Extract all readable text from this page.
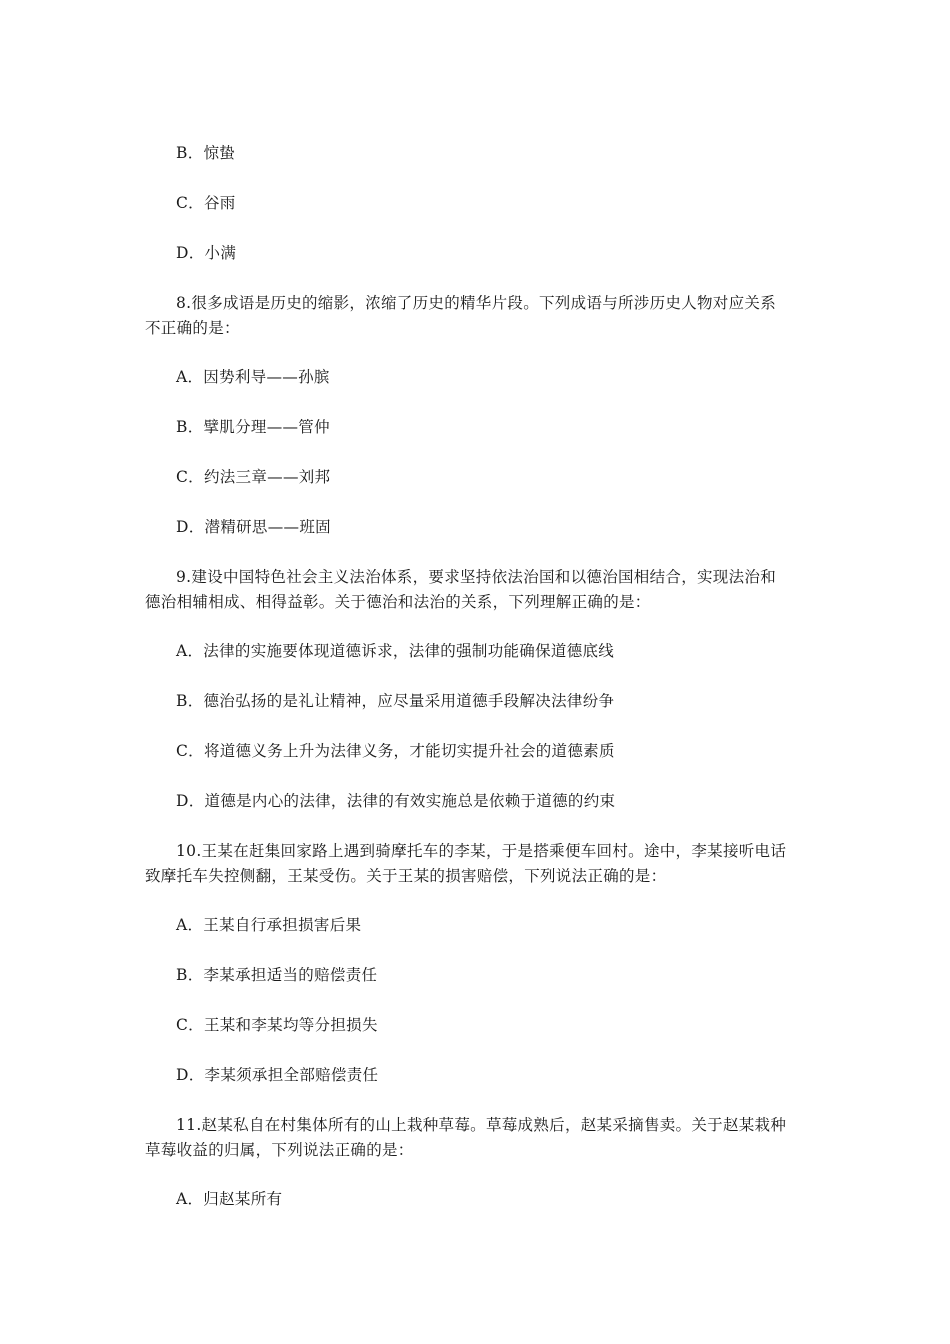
B．惊蛰
C．谷雨
D．小满
8.很多成语是历史的缩影，浓缩了历史的精华片段。下列成语与所涉历史人物对应关系
不正确的是：
A．因势利导——孙膑
B．擘肌分理——管仲
C．约法三章——刘邦
D．潜精研思——班固
9.建设中国特色社会主义法治体系，要求坚持依法治国和以德治国相结合，实现法治和
德治相辅相成、相得益彰。关于德治和法治的关系，下列理解正确的是：
A．法律的实施要体现道德诉求，法律的强制功能确保道德底线
B．德治弘扬的是礼让精神，应尽量采用道德手段解决法律纷争
C．将道德义务上升为法律义务，才能切实提升社会的道德素质
D．道德是内心的法律，法律的有效实施总是依赖于道德的约束
10.王某在赶集回家路上遇到骑摩托车的李某，于是搭乘便车回村。途中，李某接听电话
致摩托车失控侧翻，王某受伤。关于王某的损害赔偿，下列说法正确的是：
A．王某自行承担损害后果
B．李某承担适当的赔偿责任
C．王某和李某均等分担损失
D．李某须承担全部赔偿责任
11.赵某私自在村集体所有的山上栽种草莓。草莓成熟后，赵某采摘售卖。关于赵某栽种
草莓收益的归属，下列说法正确的是：
A．归赵某所有
